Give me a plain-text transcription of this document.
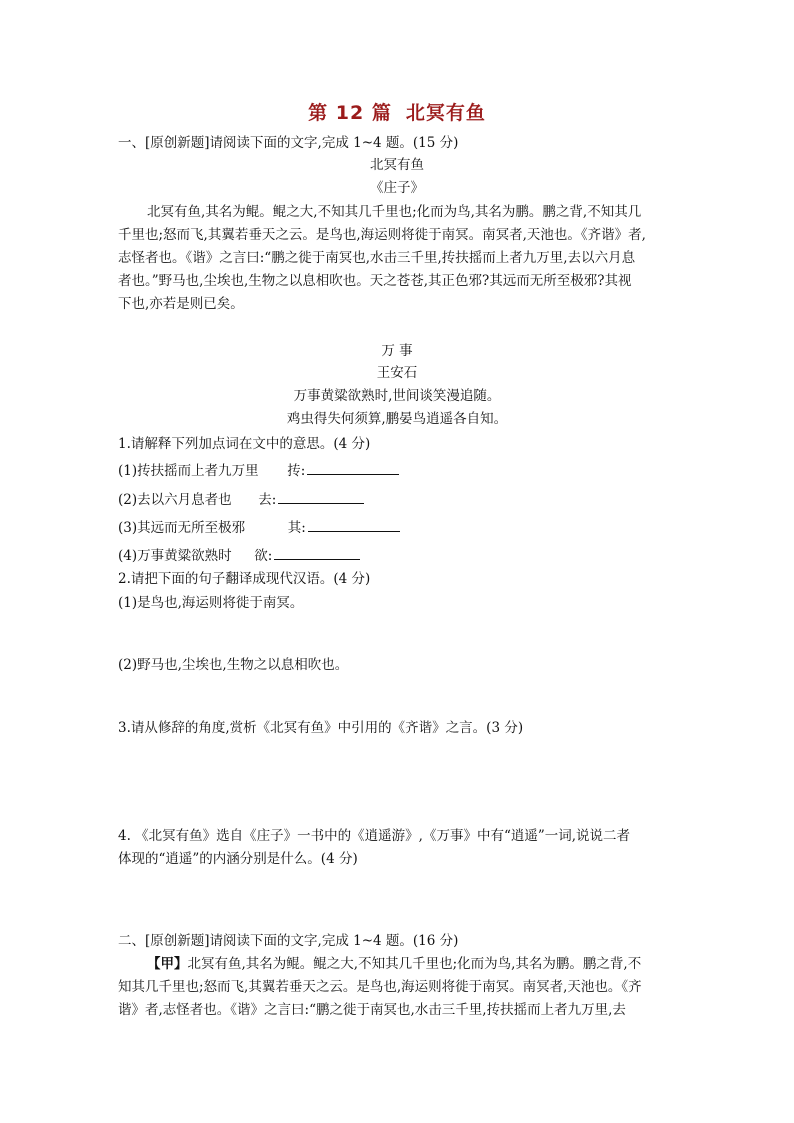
第 12 篇 北冥有鱼
一、[原创新题]请阅读下面的文字,完成 1~4 题。(15 分)
北冥有鱼
《庄子》
北冥有鱼,其名为鲲。鲲之大,不知其几千里也;化而为鸟,其名为鹏。鹏之背,不知其几
千里也;怒而飞,其翼若垂天之云。是鸟也,海运则将徙于南冥。南冥者,天池也。《齐谐》者,
志怪者也。《谐》之言曰:“鹏之徙于南冥也,水击三千里,抟扶摇而上者九万里,去以六月息
者也。”野马也,尘埃也,生物之以息相吹也。天之苍苍,其正色邪?其远而无所至极邪?其视
下也,亦若是则已矣。
万 事
王安石
万事黄粱欲熟时,世间谈笑漫追随。
鸡虫得失何须算,鹏晏鸟逍遥各自知。
1.请解释下列加点词在文中的意思。(4 分)
(1)抟扶摇而上者九万里 抟:
(2)去以六月息者也 去:
(3)其远而无所至极邪	其:
(4)万事黄粱欲熟时 欲:
2.请把下面的句子翻译成现代汉语。(4 分)
(1)是鸟也,海运则将徙于南冥。
(2)野马也,尘埃也,生物之以息相吹也。
3.请从修辞的角度,赏析《北冥有鱼》中引用的《齐谐》之言。(3 分)
4. 《北冥有鱼》选自《庄子》一书中的《逍遥游》,《万事》中有“逍遥”一词,说说二者
体现的“逍遥”的内涵分别是什么。(4 分)
二、[原创新题]请阅读下面的文字,完成 1~4 题。(16 分)
【甲】北冥有鱼,其名为鲲。鲲之大,不知其几千里也;化而为鸟,其名为鹏。鹏之背,不
知其几千里也;怒而飞,其翼若垂天之云。是鸟也,海运则将徙于南冥。南冥者,天池也。《齐
谐》者,志怪者也。《谐》之言曰:“鹏之徙于南冥也,水击三千里,抟扶摇而上者九万里,去
